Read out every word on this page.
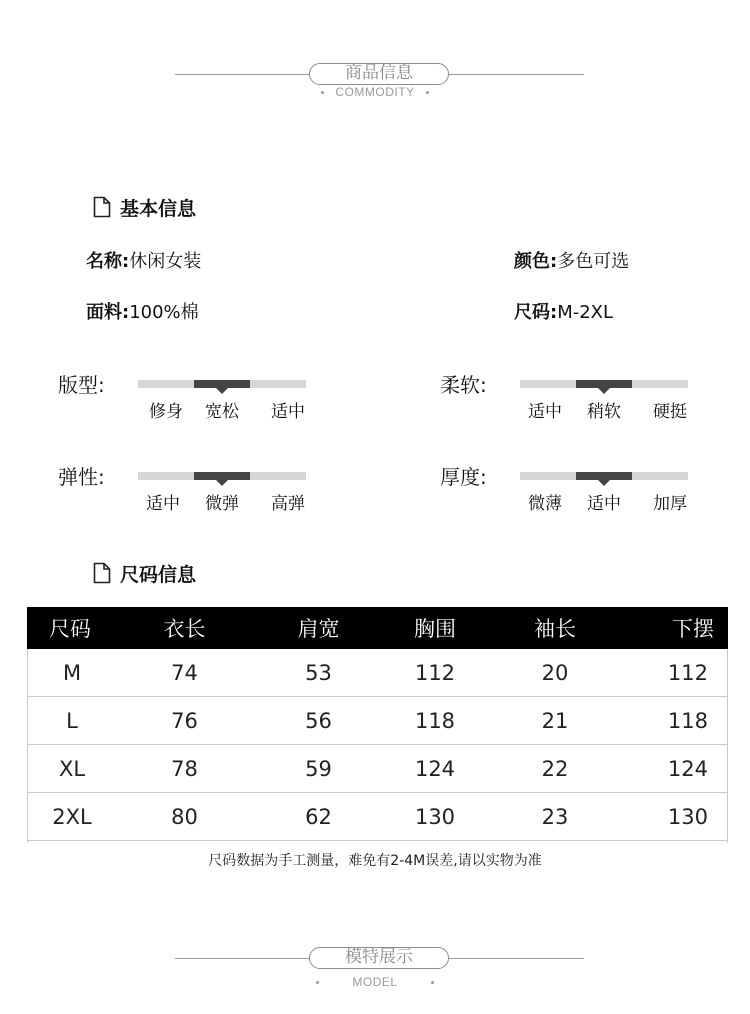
商品信息
COMMODITY
基本信息
名称:休闲女装	颜色:多色可选
面料:100%棉	尺码:M-2XL
版型:
修身	宽松	适中
柔软:
适中	稍软	硬挺
弹性:
适中	微弹	高弹
厚度:
微薄	适中	加厚
尺码信息
尺码	衣长	肩宽	胸围	袖长	下摆
M	74	53	112	20	112
L	76	56	118	21	118
XL	78	59	124	22	124
2XL	80	62	130	23	130
尺码数据为手工测量，难免有2-4M误差,请以实物为准
模特展示
MODEL
